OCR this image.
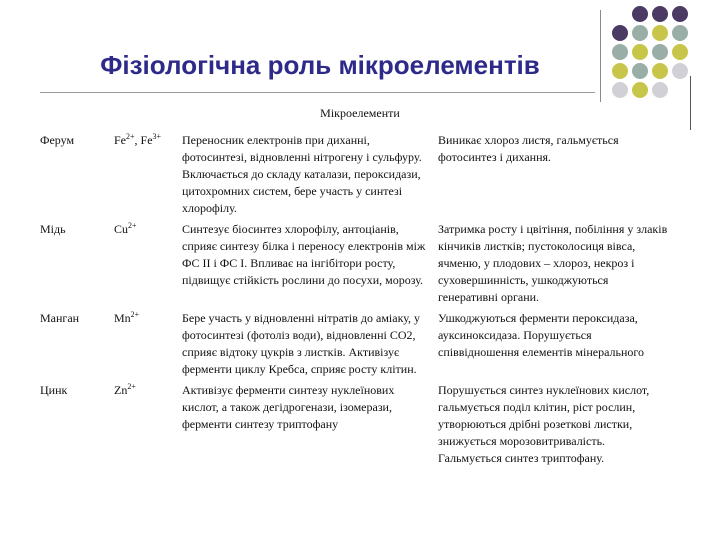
Фізіологічна роль мікроелементів
Мікроелементи
Ферум	$Fe^{2+}$, $Fe^{3+}$	Переносник електронів при диханні, фотосинтезі, відновленні нітрогену і сульфуру. Включається до складу каталази, пероксидази, цитохромних систем, бере участь у синтезі хлорофілу.	Виникає хлороз листя, гальмується фотосинтез і дихання.
Мідь	$Cu^{2+}$	Синтезує біосинтез хлорофілу, антоціанів, сприяє синтезу білка і переносу електронів між ФС ІІ і ФС І. Впливає на інгібітори росту, підвищує стійкість рослини до посухи, морозу.	Затримка росту і цвітіння, побіління у злаків кінчиків листків; пустоколосиця вівса, ячменю, у плодових – хлороз, некроз і суховершинність, ушкоджуються генеративні органи.
Манган	$Mn^{2+}$	Бере участь у відновленні нітратів до аміаку, у фотосинтезі (фотоліз води), відновленні СО2, сприяє відтоку цукрів з листків. Активізує ферменти циклу Кребса, сприяє росту клітин.	Ушкоджуються ферменти пероксидаза, ауксиноксидаза. Порушується співвідношення елементів мінерального
Цинк	$Zn^{2+}$	Активізує ферменти синтезу нуклеїнових кислот, а також дегідрогенази, ізомерази, ферменти синтезу триптофану	Порушується синтез нуклеїнових кислот, гальмується поділ клітин, ріст рослин, утворюються дрібні розеткові листки, знижується морозовитривалість. Гальмується синтез триптофану.
